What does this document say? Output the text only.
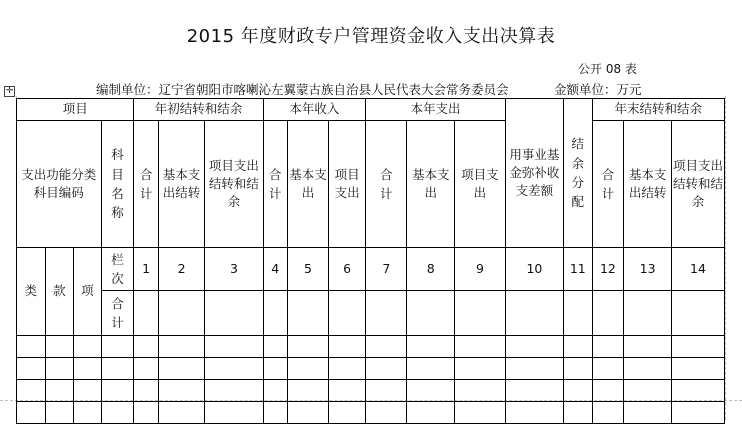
2015 年度财政专户管理资金收入支出决算表
公开 08 表
编制单位：辽宁省朝阳市喀喇沁左翼蒙古族自治县人民代表大会常务委员会	金额单位：万元
✛
项目				年初结转和结余			本年收入			本年支出			用事业基金弥补收支差额	结余分配	年末结转和结余		
支出功能分类科目编码			科目名称	合计	基本支出结转	项目支出结转和结余	合计	基本支出	项目支出	合计	基本支出	项目支出			合计	基本支出结转	项目支出结转和结余
类	款	项	栏次	1	2	3	4	5	6	7	8	9	10	11	12	13	14
			合计														
